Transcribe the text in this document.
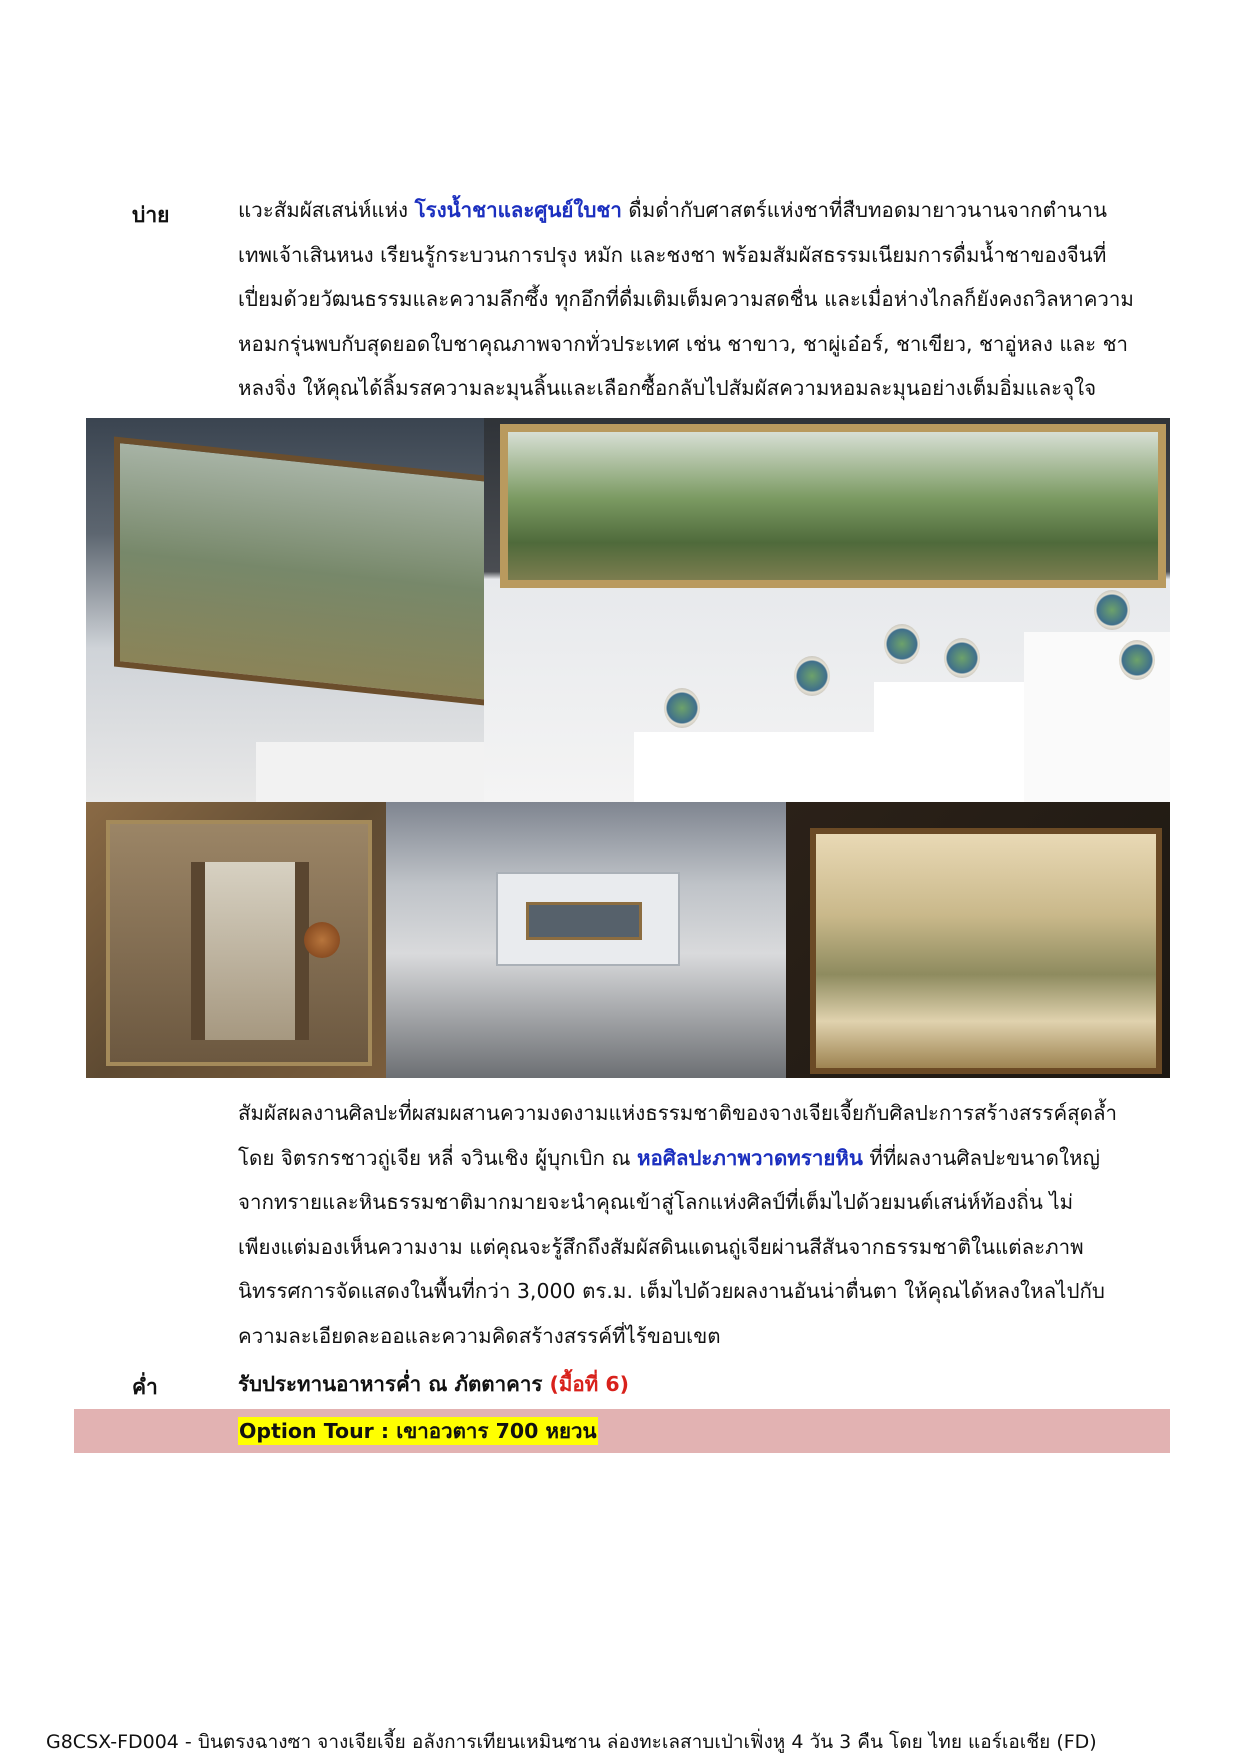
บ่าย	แวะสัมผัสเสน่ห์แห่ง โรงน้ำชาและศูนย์ใบชา ดื่มด่ำกับศาสตร์แห่งชาที่สืบทอดมายาวนานจากตำนาน
เทพเจ้าเสินหนง เรียนรู้กระบวนการปรุง หมัก และชงชา พร้อมสัมผัสธรรมเนียมการดื่มน้ำชาของจีนที่
เปี่ยมด้วยวัฒนธรรมและความลึกซึ้ง ทุกอึกที่ดื่มเติมเต็มความสดชื่น และเมื่อห่างไกลก็ยังคงถวิลหาความ
หอมกรุ่นพบกับสุดยอดใบชาคุณภาพจากทั่วประเทศ เช่น ชาขาว, ชาผู่เอ๋อร์, ชาเขียว, ชาอู่หลง และ ชา
หลงจิ่ง ให้คุณได้ลิ้มรสความละมุนลิ้นและเลือกซื้อกลับไปสัมผัสความหอมละมุนอย่างเต็มอิ่มและจุใจ
สัมผัสผลงานศิลปะที่ผสมผสานความงดงามแห่งธรรมชาติของจางเจียเจี้ยกับศิลปะการสร้างสรรค์สุดล้ำ
โดย จิตรกรชาวถู่เจีย หลี่ จวินเชิง ผู้บุกเบิก ณ หอศิลปะภาพวาดทรายหิน ที่ที่ผลงานศิลปะขนาดใหญ่
จากทรายและหินธรรมชาติมากมายจะนำคุณเข้าสู่โลกแห่งศิลป์ที่เต็มไปด้วยมนต์เสน่ห์ท้องถิ่น ไม่
เพียงแต่มองเห็นความงาม แต่คุณจะรู้สึกถึงสัมผัสดินแดนถู่เจียผ่านสีสันจากธรรมชาติในแต่ละภาพ
นิทรรศการจัดแสดงในพื้นที่กว่า 3,000 ตร.ม. เต็มไปด้วยผลงานอันน่าตื่นตา ให้คุณได้หลงใหลไปกับ
ความละเอียดละออและความคิดสร้างสรรค์ที่ไร้ขอบเขต
ค่ำ	รับประทานอาหารค่ำ ณ ภัตตาคาร (มื้อที่ 6)
Option Tour : เขาอวตาร 700 หยวน
G8CSX-FD004 - บินตรงฉางซา จางเจียเจี้ย อลังการเทียนเหมินซาน ล่องทะเลสาบเป่าเฟิ่งหู 4 วัน 3 คืน โดย ไทย แอร์เอเชีย (FD)
